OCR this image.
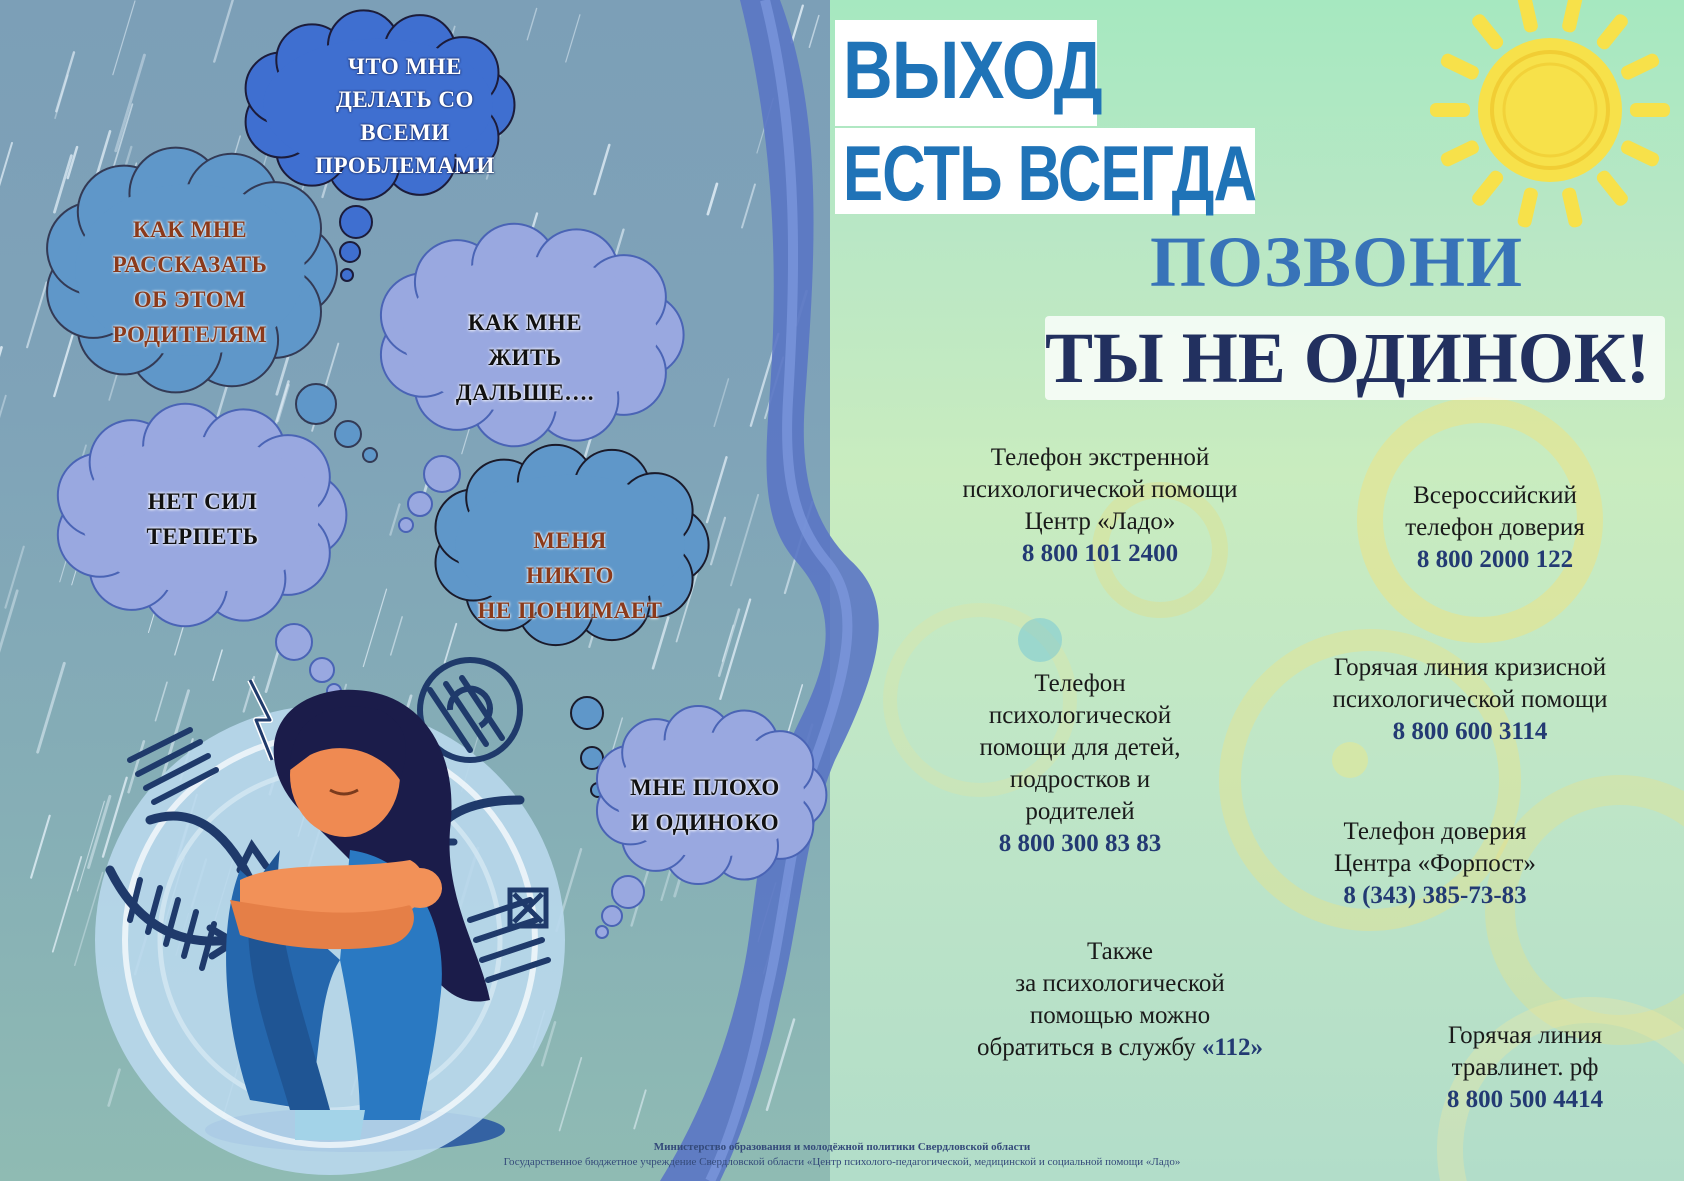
ВЫХОД
ЕСТЬ ВСЕГДА
ПОЗВОНИ
ТЫ НЕ ОДИНОК!
ЧТО МНЕ
ДЕЛАТЬ СО
ВСЕМИ
ПРОБЛЕМАМИ
КАК МНЕ
РАССКАЗАТЬ
ОБ ЭТОМ
РОДИТЕЛЯМ	КАК МНЕ
ЖИТЬ
ДАЛЬШЕ….
НЕТ СИЛ
ТЕРПЕТЬ	МЕНЯ
НИКТО
НЕ ПОНИМАЕТ
МНЕ ПЛОХО
И ОДИНОКО
Телефон экстренной
психологической помощи
Центр «Ладо»
8 800 101 2400
Всероссийский
телефон доверия
8 800 2000 122
Телефон
психологической
помощи для детей,
подростков и
родителей
8 800 300 83 83
Горячая линия кризисной
психологической помощи
8 800 600 3114
Телефон доверия
Центра «Форпост»
8 (343) 385-73-83
Также
за психологической
помощью можно
обратиться в службу «112»	Горячая линия
травлинет. рф
8 800 500 4414
Министерство образования и молодёжной политики Свердловской области
Государственное бюджетное учреждение Свердловской области «Центр психолого-педагогической, медицинской и социальной помощи «Ладо»
